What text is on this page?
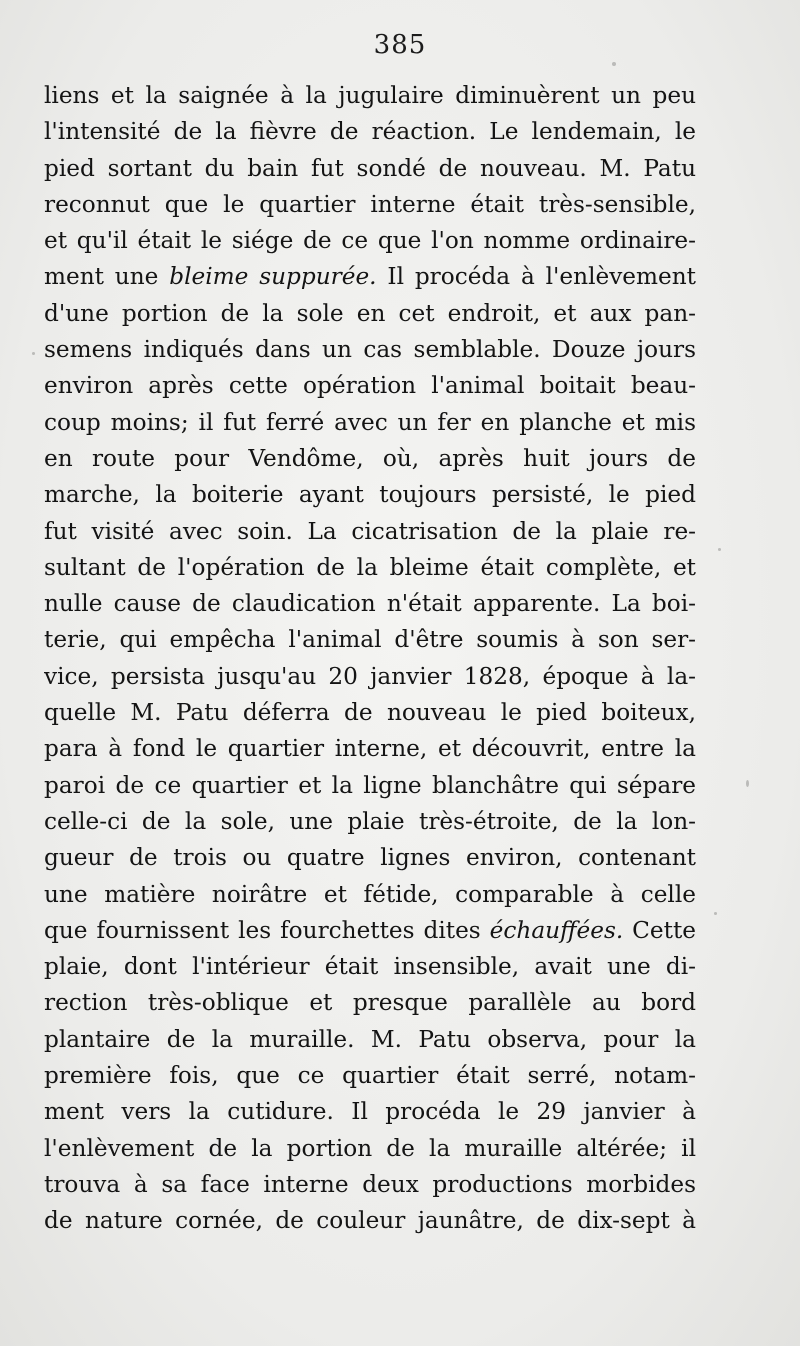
385
liens et la saignée à la jugulaire diminuèrent un peu
l'intensité de la fièvre de réaction. Le lendemain, le
pied sortant du bain fut sondé de nouveau. M. Patu
reconnut que le quartier interne était très-sensible,
et qu'il était le siége de ce que l'on nomme ordinaire-
ment une bleime suppurée. Il procéda à l'enlèvement
d'une portion de la sole en cet endroit, et aux pan-
semens indiqués dans un cas semblable. Douze jours
environ après cette opération l'animal boitait beau-
coup moins; il fut ferré avec un fer en planche et mis
en route pour Vendôme, où, après huit jours de
marche, la boiterie ayant toujours persisté, le pied
fut visité avec soin. La cicatrisation de la plaie re-
sultant de l'opération de la bleime était complète, et
nulle cause de claudication n'était apparente. La boi-
terie, qui empêcha l'animal d'être soumis à son ser-
vice, persista jusqu'au 20 janvier 1828, époque à la-
quelle M. Patu déferra de nouveau le pied boiteux,
para à fond le quartier interne, et découvrit, entre la
paroi de ce quartier et la ligne blanchâtre qui sépare
celle-ci de la sole, une plaie très-étroite, de la lon-
gueur de trois ou quatre lignes environ, contenant
une matière noirâtre et fétide, comparable à celle
que fournissent les fourchettes dites échauffées. Cette
plaie, dont l'intérieur était insensible, avait une di-
rection très-oblique et presque parallèle au bord
plantaire de la muraille. M. Patu observa, pour la
première fois, que ce quartier était serré, notam-
ment vers la cutidure. Il procéda le 29 janvier à
l'enlèvement de la portion de la muraille altérée; il
trouva à sa face interne deux productions morbides
de nature cornée, de couleur jaunâtre, de dix-sept à
